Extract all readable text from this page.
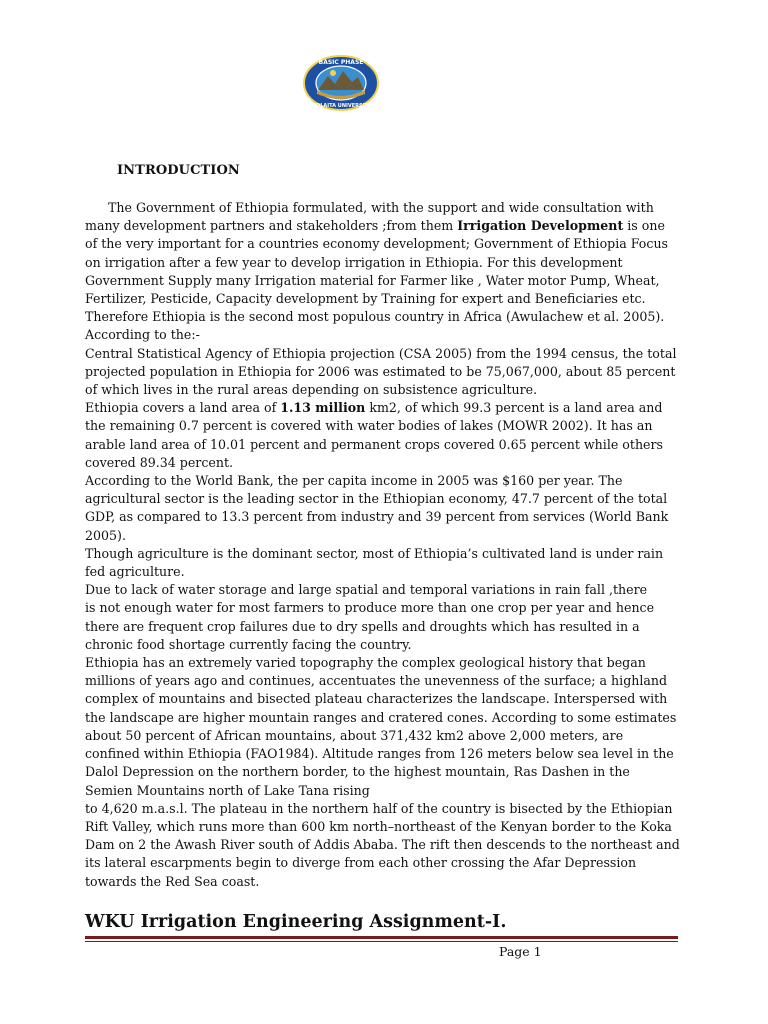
BASIC PHASE
WOLAITA UNIVERSITY
INTRODUCTION

The Government of Ethiopia formulated, with the support and wide consultation with many development partners and stakeholders ;from them Irrigation Development is one of the very important for a countries economy development; Government of Ethiopia Focus on irrigation after a few year to develop irrigation in Ethiopia. For this development Government Supply many Irrigation material for Farmer like , Water motor Pump, Wheat, Fertilizer, Pesticide, Capacity development by Training for expert and Beneficiaries etc. Therefore Ethiopia is the second most populous country in Africa (Awulachew et al. 2005).

According to the:-

Central Statistical Agency of Ethiopia projection (CSA 2005) from the 1994 census, the total projected population in Ethiopia for 2006 was estimated to be 75,067,000, about 85 percent of which lives in the rural areas depending on subsistence agriculture.

Ethiopia covers a land area of 1.13 million km2, of which 99.3 percent is a land area and the remaining 0.7 percent is covered with water bodies of lakes (MOWR 2002). It has an arable land area of 10.01 percent and permanent crops covered 0.65 percent while others covered 89.34 percent.

According to the World Bank, the per capita income in 2005 was $160 per year. The agricultural sector is the leading sector in the Ethiopian economy, 47.7 percent of the total GDP, as compared to 13.3 percent from industry and 39 percent from services (World Bank 2005).

Though agriculture is the dominant sector, most of Ethiopia’s cultivated land is under rain fed agriculture.

Due to lack of water storage and large spatial and temporal variations in rain fall ,there
is not enough water for most farmers to produce more than one crop per year and hence there are frequent crop failures due to dry spells and droughts which has resulted in a chronic food shortage currently facing the country.

Ethiopia has an extremely varied topography the complex geological history that began millions of years ago and continues, accentuates the unevenness of the surface; a highland complex of mountains and bisected plateau characterizes the landscape. Interspersed with the landscape are higher mountain ranges and cratered cones. According to some estimates about 50 percent of African mountains, about 371,432 km2 above 2,000 meters, are confined within Ethiopia (FAO1984). Altitude ranges from 126 meters below sea level in the Dalol Depression on the northern border, to the highest mountain, Ras Dashen in the Semien Mountains north of Lake Tana rising

to 4,620 m.a.s.l. The plateau in the northern half of the country is bisected by the Ethiopian Rift Valley, which runs more than 600 km north–northeast of the Kenyan border to the Koka Dam on 2 the Awash River south of Addis Ababa. The rift then descends to the northeast and its lateral escarpments begin to diverge from each other crossing the Afar Depression towards the Red Sea coast.

WKU Irrigation Engineering Assignment-I.
Page 1
